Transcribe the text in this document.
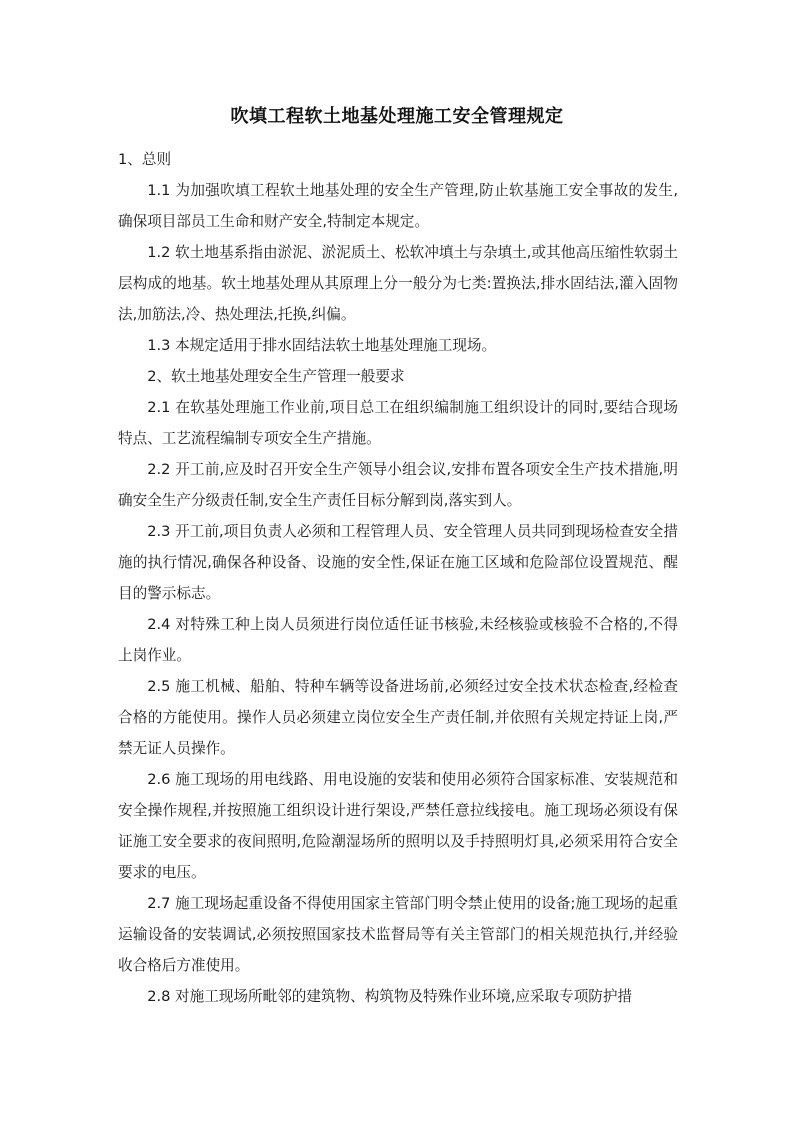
吹填工程软土地基处理施工安全管理规定

1、总则

1.1 为加强吹填工程软土地基处理的安全生产管理,防止软基施工安全事故的发生,确保项目部员工生命和财产安全,特制定本规定。

1.2 软土地基系指由淤泥、淤泥质土、松软冲填土与杂填土,或其他高压缩性软弱土层构成的地基。软土地基处理从其原理上分一般分为七类:置换法,排水固结法,灌入固物法,加筋法,冷、热处理法,托换,纠偏。

1.3 本规定适用于排水固结法软土地基处理施工现场。

2、软土地基处理安全生产管理一般要求

2.1 在软基处理施工作业前,项目总工在组织编制施工组织设计的同时,要结合现场特点、工艺流程编制专项安全生产措施。

2.2 开工前,应及时召开安全生产领导小组会议,安排布置各项安全生产技术措施,明确安全生产分级责任制,安全生产责任目标分解到岗,落实到人。

2.3 开工前,项目负责人必须和工程管理人员、安全管理人员共同到现场检查安全措施的执行情况,确保各种设备、设施的安全性,保证在施工区域和危险部位设置规范、醒目的警示标志。

2.4 对特殊工种上岗人员须进行岗位适任证书核验,未经核验或核验不合格的,不得上岗作业。

2.5 施工机械、船舶、特种车辆等设备进场前,必须经过安全技术状态检查,经检查合格的方能使用。操作人员必须建立岗位安全生产责任制,并依照有关规定持证上岗,严禁无证人员操作。

2.6 施工现场的用电线路、用电设施的安装和使用必须符合国家标准、安装规范和安全操作规程,并按照施工组织设计进行架设,严禁任意拉线接电。施工现场必须设有保证施工安全要求的夜间照明,危险潮湿场所的照明以及手持照明灯具,必须采用符合安全要求的电压。

2.7 施工现场起重设备不得使用国家主管部门明令禁止使用的设备;施工现场的起重运输设备的安装调试,必须按照国家技术监督局等有关主管部门的相关规范执行,并经验收合格后方准使用。

2.8 对施工现场所毗邻的建筑物、构筑物及特殊作业环境,应采取专项防护措
